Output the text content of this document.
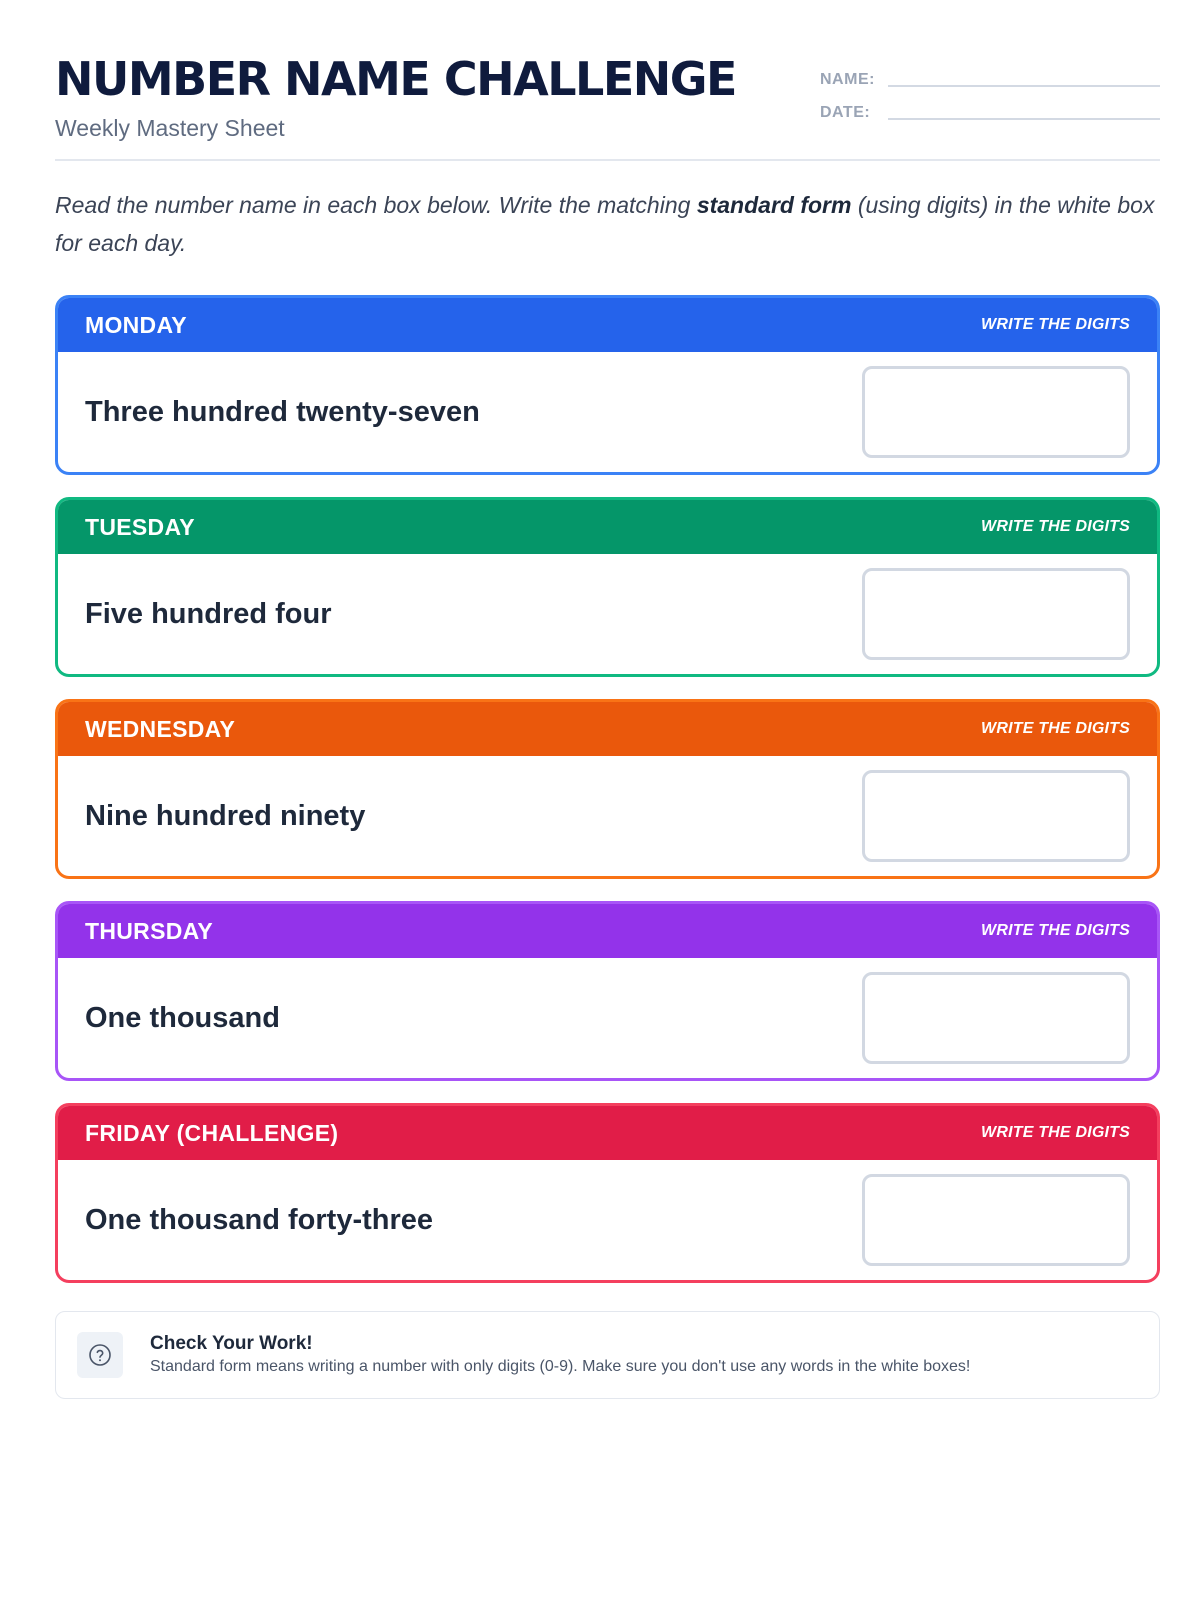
NUMBER NAME CHALLENGE
Weekly Mastery Sheet
NAME:
DATE:
Read the number name in each box below. Write the matching standard form (using digits) in the white box for each day.
MONDAY	WRITE THE DIGITS
Three hundred twenty-seven
TUESDAY	WRITE THE DIGITS
Five hundred four
WEDNESDAY	WRITE THE DIGITS
Nine hundred ninety
THURSDAY	WRITE THE DIGITS
One thousand
FRIDAY (CHALLENGE)	WRITE THE DIGITS
One thousand forty-three
Check Your Work!
Standard form means writing a number with only digits (0-9). Make sure you don't use any words in the white boxes!
